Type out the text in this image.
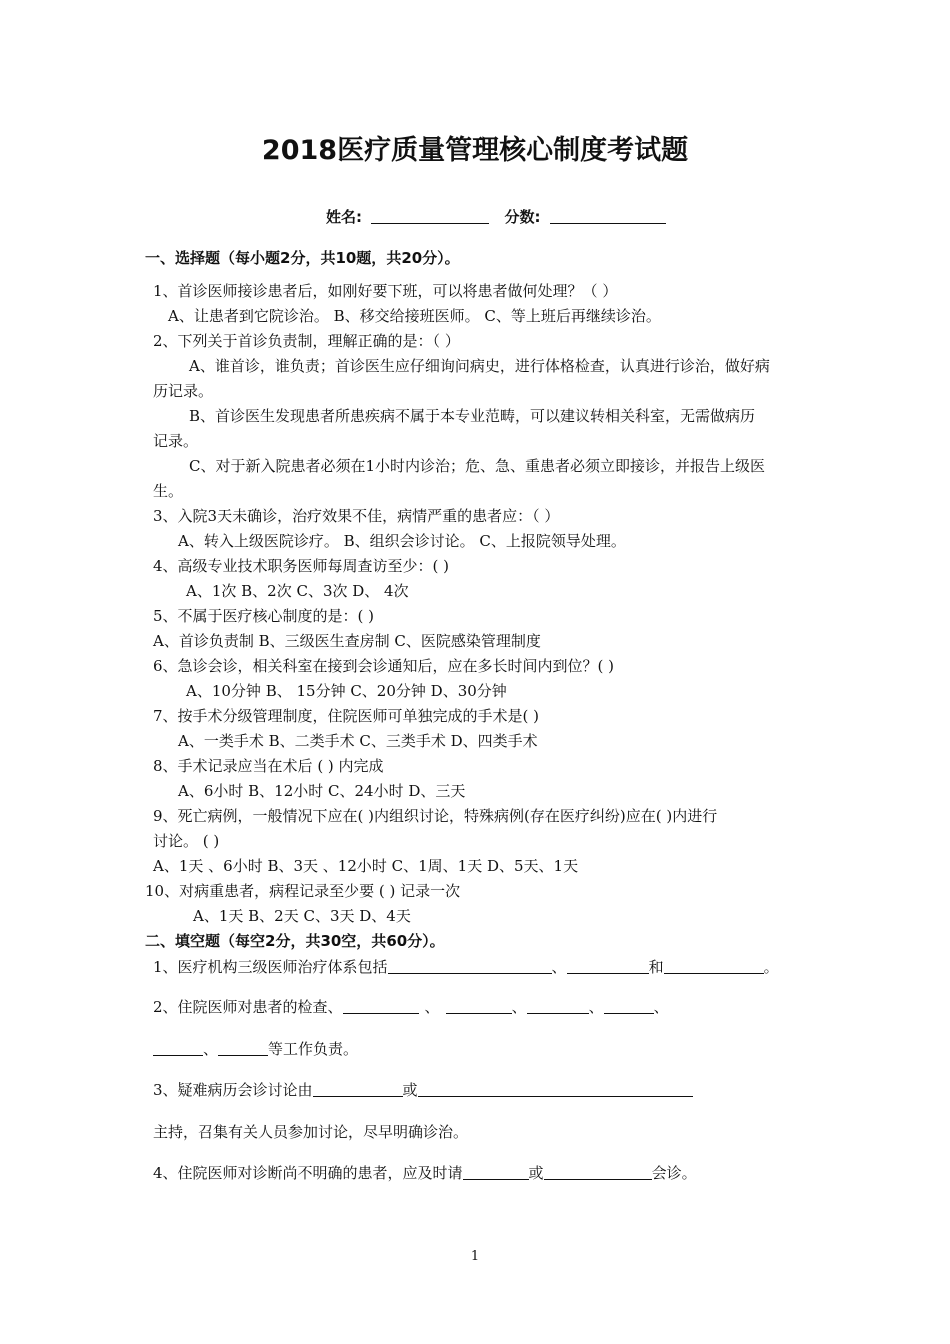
2018医疗质量管理核心制度考试题
姓名:	分数:
一、选择题（每小题2分，共10题，共20分）。
1、首诊医师接诊患者后，如刚好要下班，可以将患者做何处理？（ ）
A、让患者到它院诊治。 B、移交给接班医师。 C、等上班后再继续诊治。
2、下列关于首诊负责制，理解正确的是：（ ）
A、谁首诊，谁负责；首诊医生应仔细询问病史，进行体格检查，认真进行诊治，做好病
历记录。
B、首诊医生发现患者所患疾病不属于本专业范畴，可以建议转相关科室，无需做病历
记录。
C、对于新入院患者必须在1小时内诊治；危、急、重患者必须立即接诊，并报告上级医
生。
3、入院3天未确诊，治疗效果不佳，病情严重的患者应：（ ）
A、转入上级医院诊疗。 B、组织会诊讨论。 C、上报院领导处理。
4、高级专业技术职务医师每周查访至少：( )
A、1次 B、2次 C、3次 D、 4次
5、不属于医疗核心制度的是：( )
A、首诊负责制 B、三级医生查房制 C、医院感染管理制度
6、急诊会诊，相关科室在接到会诊通知后，应在多长时间内到位？( )
A、10分钟 B、 15分钟 C、20分钟 D、30分钟
7、按手术分级管理制度，住院医师可单独完成的手术是( )
A、一类手术 B、二类手术 C、三类手术 D、四类手术
8、手术记录应当在术后 ( ) 内完成
A、6小时 B、12小时 C、24小时 D、三天
9、死亡病例，一般情况下应在( )内组织讨论，特殊病例(存在医疗纠纷)应在( )内进行
讨论。 ( )
A、1天 、6小时 B、3天 、12小时 C、1周、1天 D、5天、1天
10、对病重患者，病程记录至少要 ( ) 记录一次
A、1天 B、2天 C、3天 D、4天
二、填空题（每空2分，共30空，共60分）。
1、医疗机构三级医师治疗体系包括	、	和	。
2、住院医师对患者的检查、	、	、	、	、
、	等工作负责。
3、疑难病历会诊讨论由	或
主持，召集有关人员参加讨论，尽早明确诊治。
4、住院医师对诊断尚不明确的患者，应及时请	或	会诊。
1
